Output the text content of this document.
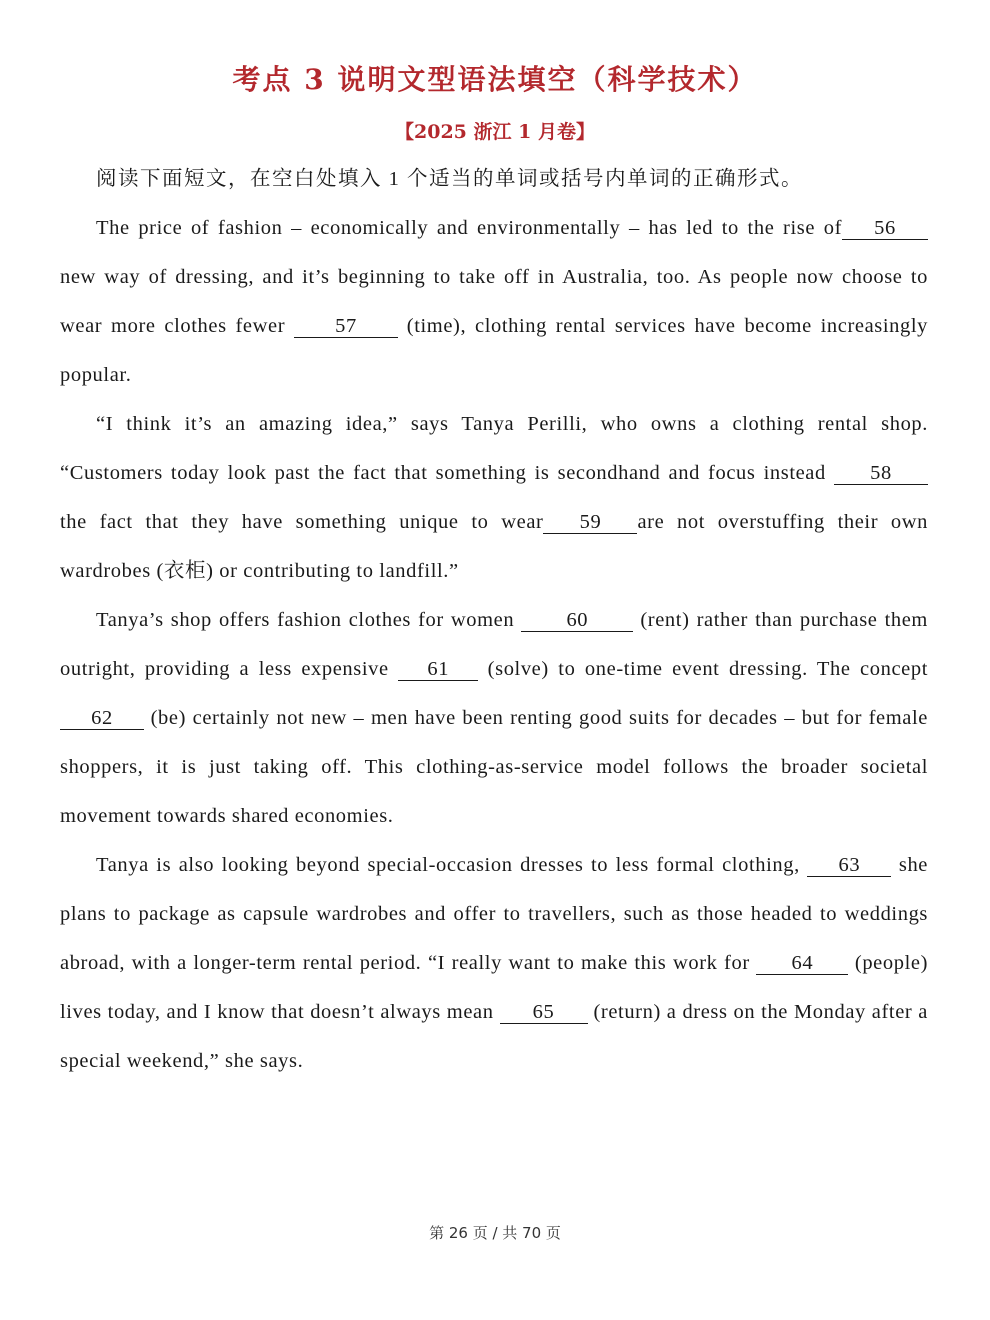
考点 3 说明文型语法填空（科学技术）
【2025 浙江 1 月卷】

阅读下面短文，在空白处填入 1 个适当的单词或括号内单词的正确形式。

The price of fashion – economically and environmentally – has led to the rise of 56 new way of dressing, and it’s beginning to take off in Australia, too. As people now choose to wear more clothes fewer 57 (time), clothing rental services have become increasingly popular.

“I think it’s an amazing idea,” says Tanya Perilli, who owns a clothing rental shop. “Customers today look past the fact that something is secondhand and focus instead 58 the fact that they have something unique to wear 59 are not overstuffing their own wardrobes (衣柜) or contributing to landfill.”

Tanya’s shop offers fashion clothes for women 60 (rent) rather than purchase them outright, providing a less expensive 61 (solve) to one-time event dressing. The concept 62 (be) certainly not new – men have been renting good suits for decades – but for female shoppers, it is just taking off. This clothing-as-service model follows the broader societal movement towards shared economies.

Tanya is also looking beyond special-occasion dresses to less formal clothing, 63 she plans to package as capsule wardrobes and offer to travellers, such as those headed to weddings abroad, with a longer-term rental period. “I really want to make this work for 64 (people) lives today, and I know that doesn’t always mean 65 (return) a dress on the Monday after a special weekend,” she says.

第 26 页 / 共 70 页
